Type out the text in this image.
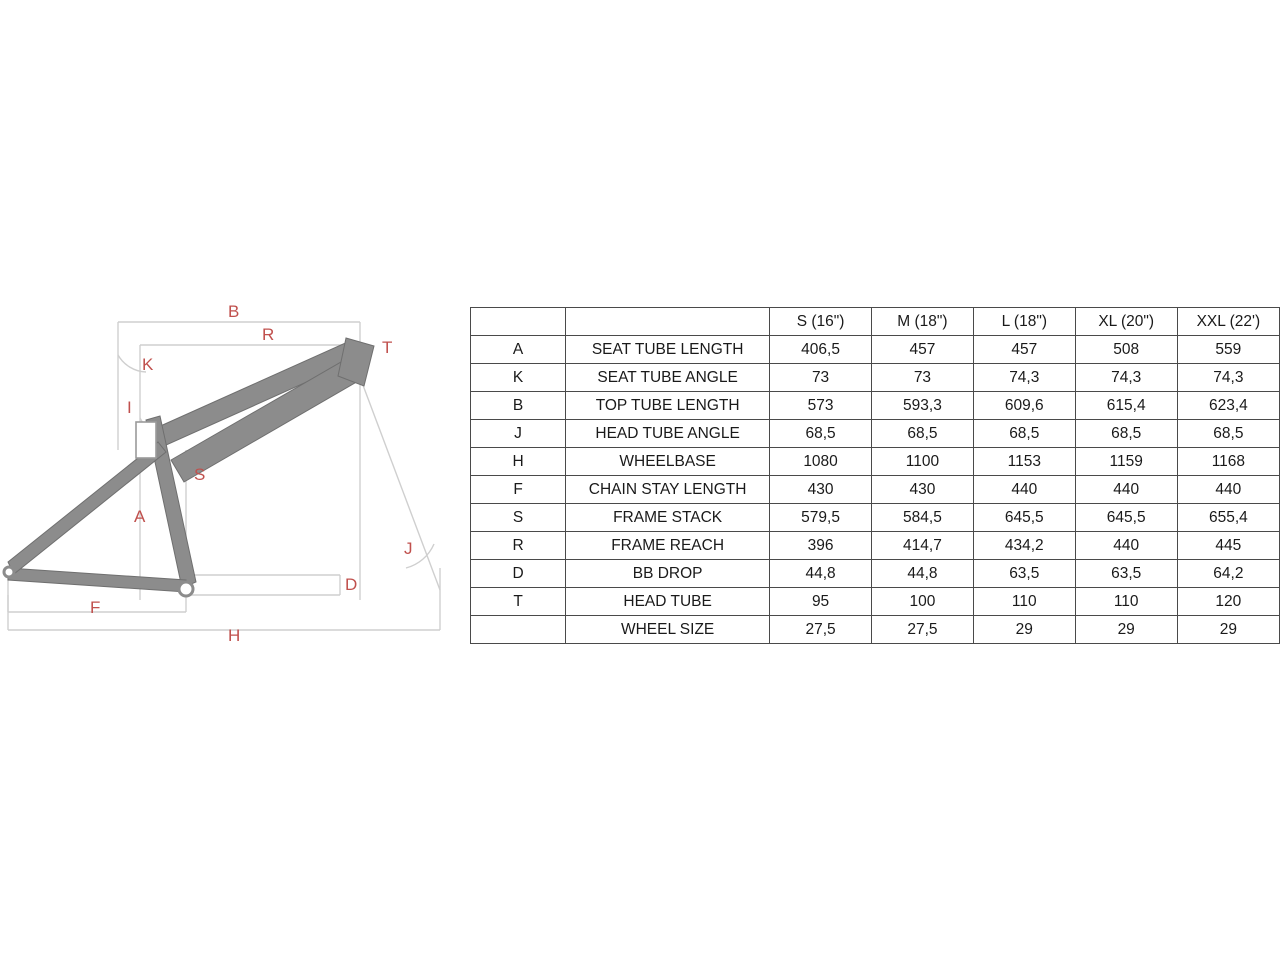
B
R
K
T
I
S
A
J
D
F
H
		S (16")	M (18")	L (18")	XL (20")	XXL (22')
A	SEAT TUBE LENGTH	406,5	457	457	508	559
K	SEAT TUBE ANGLE	73	73	74,3	74,3	74,3
B	TOP TUBE LENGTH	573	593,3	609,6	615,4	623,4
J	HEAD TUBE ANGLE	68,5	68,5	68,5	68,5	68,5
H	WHEELBASE	1080	1100	1153	1159	1168
F	CHAIN STAY LENGTH	430	430	440	440	440
S	FRAME STACK	579,5	584,5	645,5	645,5	655,4
R	FRAME REACH	396	414,7	434,2	440	445
D	BB DROP	44,8	44,8	63,5	63,5	64,2
T	HEAD TUBE	95	100	110	110	120
	WHEEL SIZE	27,5	27,5	29	29	29
